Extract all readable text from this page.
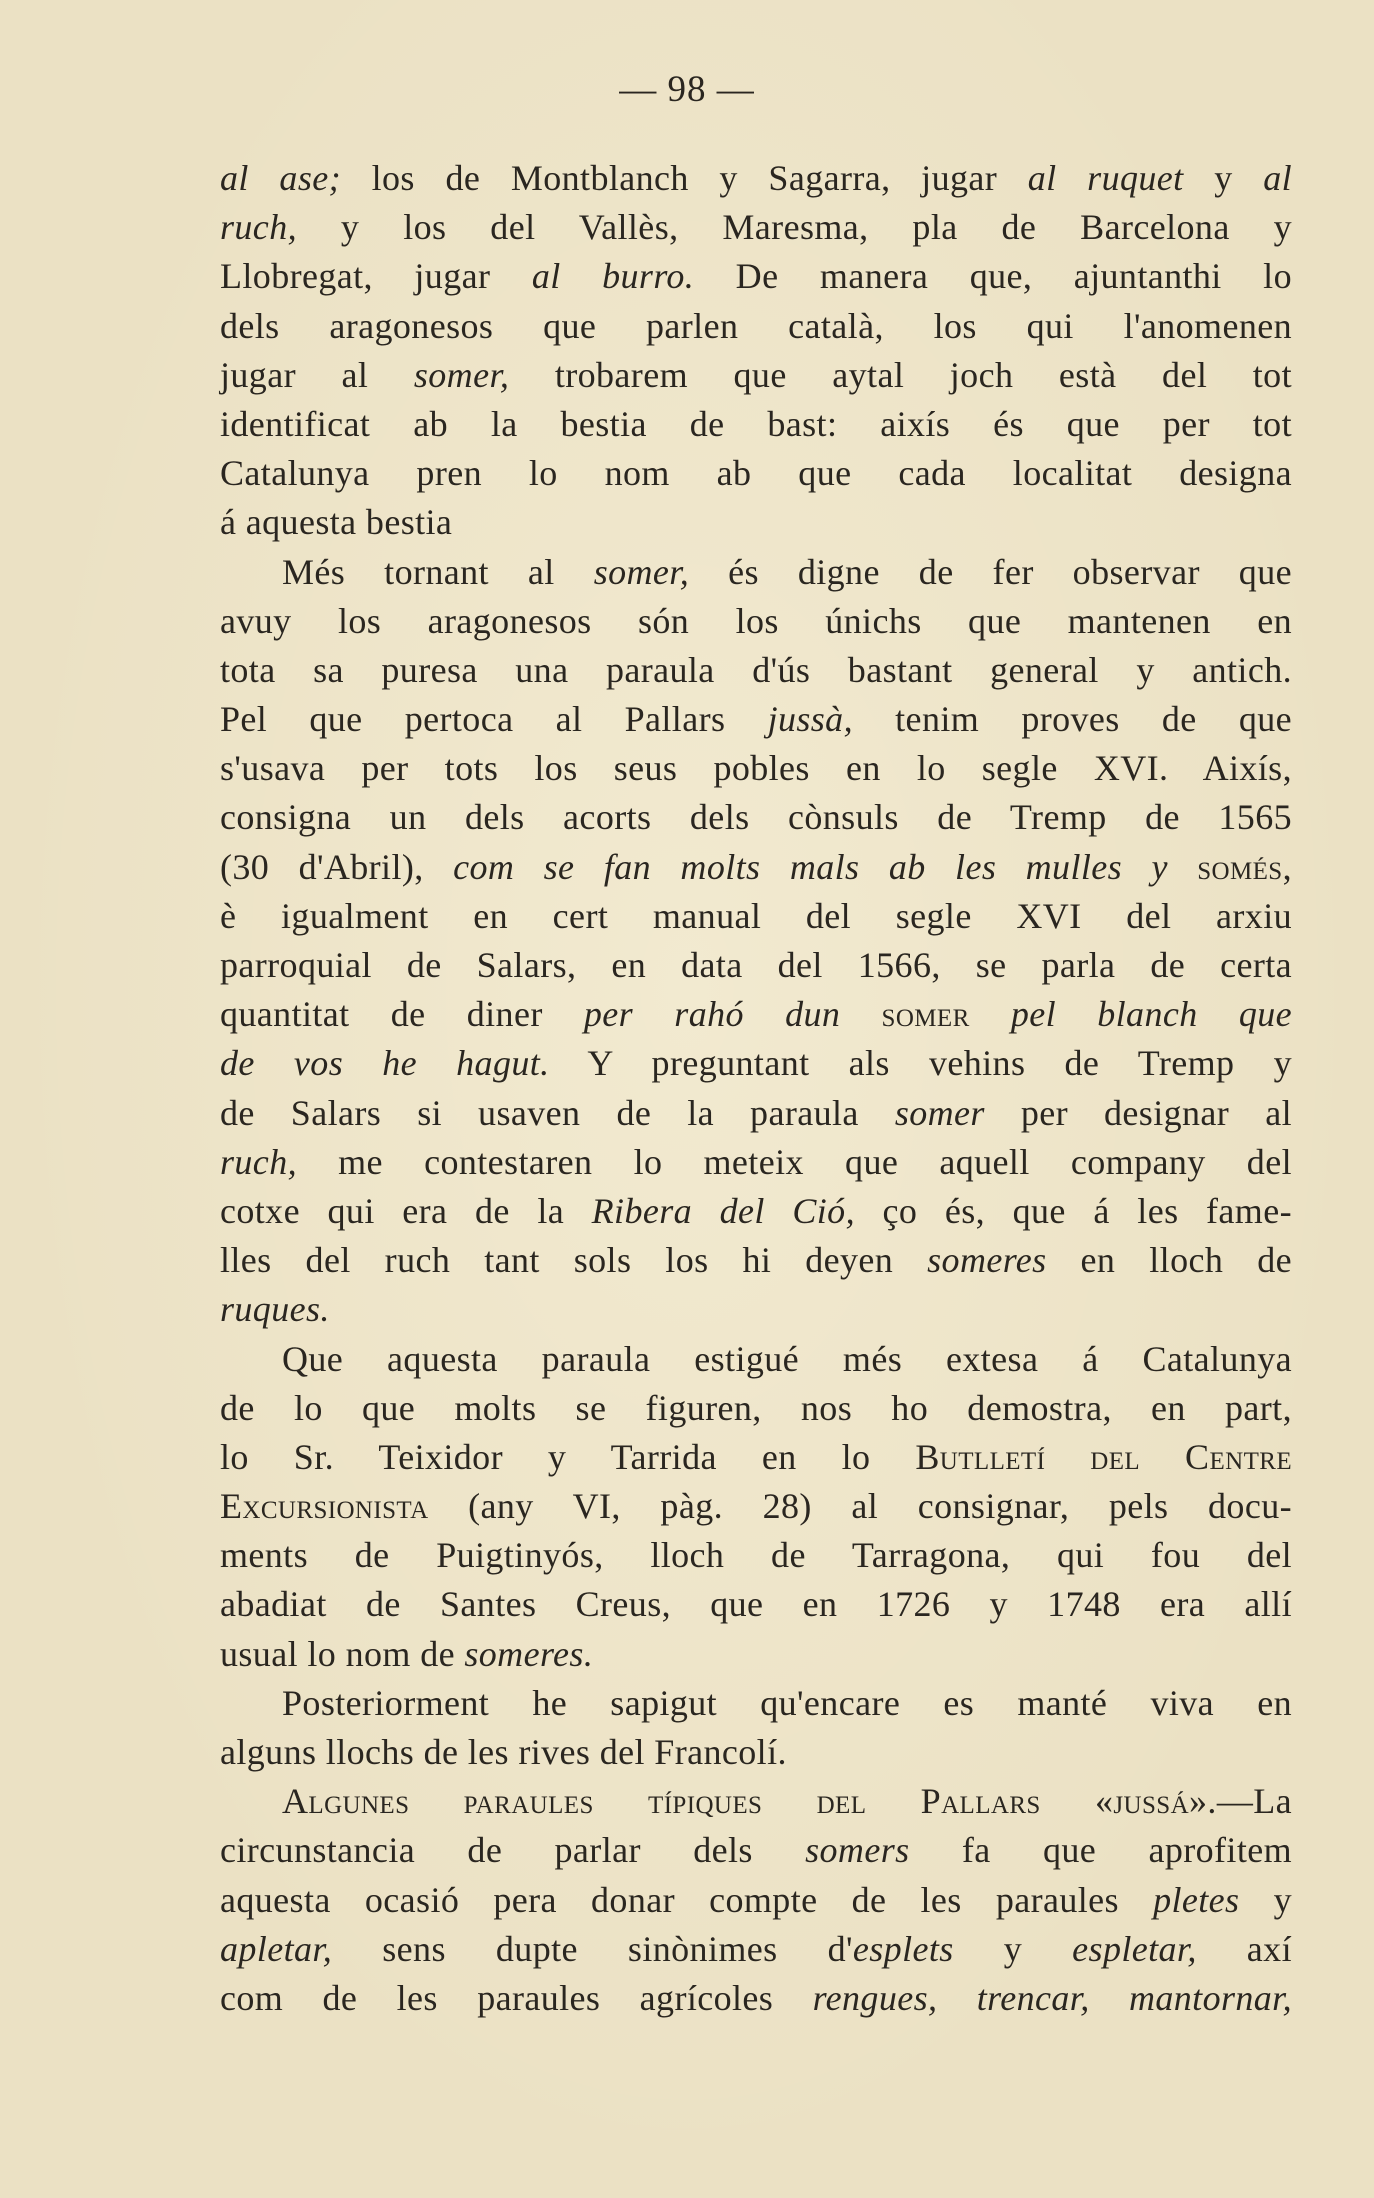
— 98 —
al ase; los de Montblanch y Sagarra, jugar al ruquet y al
ruch, y los del Vallès, Maresma, pla de Barcelona y
Llobregat, jugar al burro. De manera que, ajuntanthi lo
dels aragonesos que parlen català, los qui l'anomenen
jugar al somer, trobarem que aytal joch està del tot
identificat ab la bestia de bast: aixís és que per tot
Catalunya pren lo nom ab que cada localitat designa
á aquesta bestia
Més tornant al somer, és digne de fer observar que
avuy los aragonesos són los únichs que mantenen en
tota sa puresa una paraula d'ús bastant general y antich.
Pel que pertoca al Pallars jussà, tenim proves de que
s'usava per tots los seus pobles en lo segle XVI. Aixís,
consigna un dels acorts dels cònsuls de Tremp de 1565
(30 d'Abril), com se fan molts mals ab les mulles y somés,
è igualment en cert manual del segle XVI del arxiu
parroquial de Salars, en data del 1566, se parla de certa
quantitat de diner per rahó dun somer pel blanch que
de vos he hagut. Y preguntant als vehins de Tremp y
de Salars si usaven de la paraula somer per designar al
ruch, me contestaren lo meteix que aquell company del
cotxe qui era de la Ribera del Ció, ço és, que á les fame-
lles del ruch tant sols los hi deyen someres en lloch de
ruques.
Que aquesta paraula estigué més extesa á Catalunya
de lo que molts se figuren, nos ho demostra, en part,
lo Sr. Teixidor y Tarrida en lo Butlletí del Centre
Excursionista (any VI, pàg. 28) al consignar, pels docu-
ments de Puigtinyós, lloch de Tarragona, qui fou del
abadiat de Santes Creus, que en 1726 y 1748 era allí
usual lo nom de someres.
Posteriorment he sapigut qu'encare es manté viva en
alguns llochs de les rives del Francolí.
Algunes paraules típiques del Pallars «jussá».—La
circunstancia de parlar dels somers fa que aprofitem
aquesta ocasió pera donar compte de les paraules pletes y
apletar, sens dupte sinònimes d'esplets y espletar, axí
com de les paraules agrícoles rengues, trencar, mantornar,
